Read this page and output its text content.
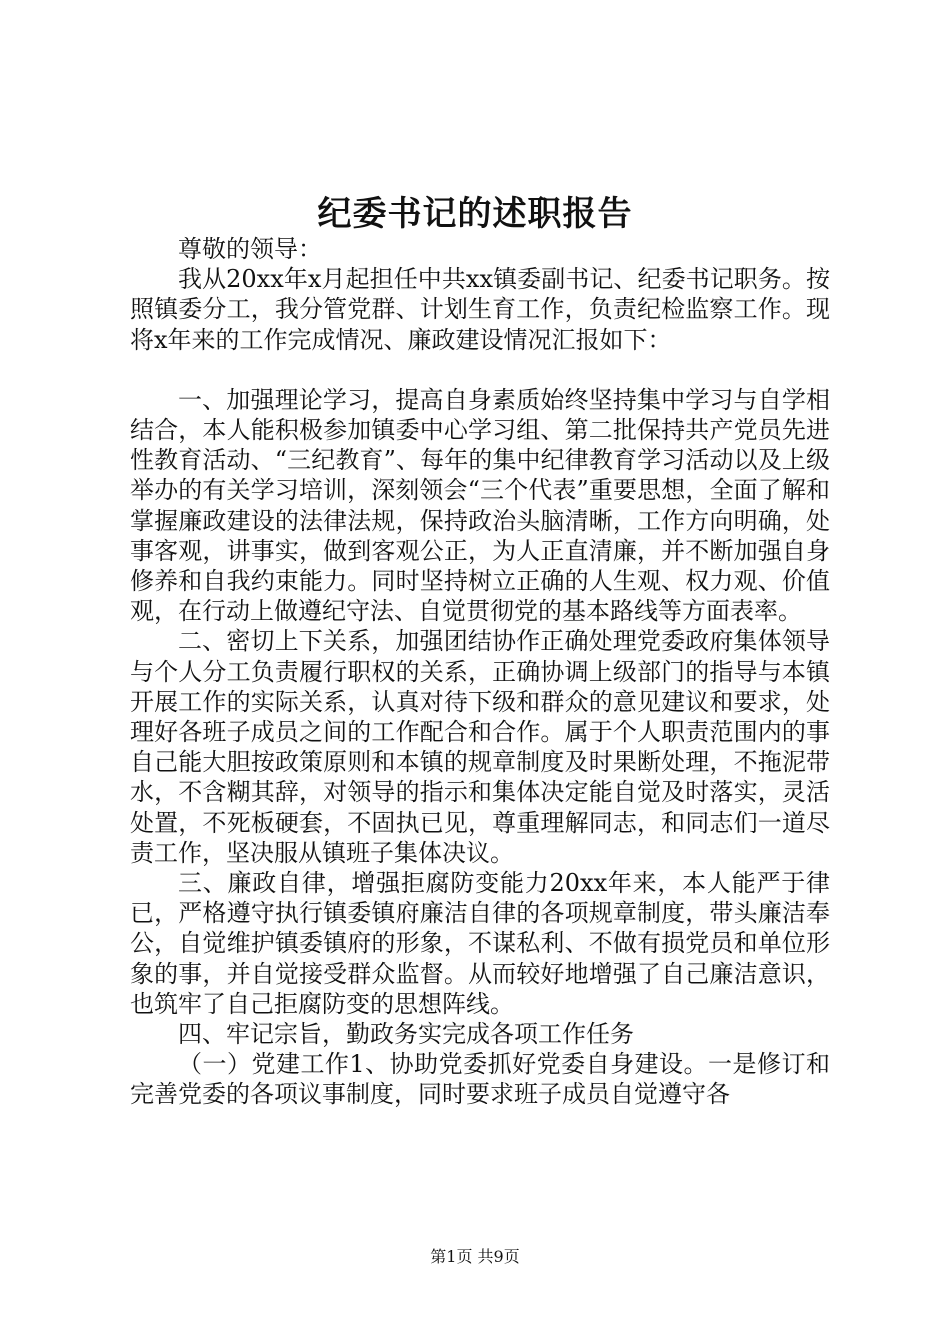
纪委书记的述职报告

尊敬的领导：

我从20xx年x月起担任中共xx镇委副书记、纪委书记职务。按照镇委分工，我分管党群、计划生育工作，负责纪检监察工作。现将x年来的工作完成情况、廉政建设情况汇报如下：

一、加强理论学习，提高自身素质始终坚持集中学习与自学相结合，本人能积极参加镇委中心学习组、第二批保持共产党员先进性教育活动、“三纪教育”、每年的集中纪律教育学习活动以及上级举办的有关学习培训，深刻领会“三个代表”重要思想，全面了解和掌握廉政建设的法律法规，保持政治头脑清晰，工作方向明确，处事客观，讲事实，做到客观公正，为人正直清廉，并不断加强自身修养和自我约束能力。同时坚持树立正确的人生观、权力观、价值观，在行动上做遵纪守法、自觉贯彻党的基本路线等方面表率。

二、密切上下关系，加强团结协作正确处理党委政府集体领导与个人分工负责履行职权的关系，正确协调上级部门的指导与本镇开展工作的实际关系，认真对待下级和群众的意见建议和要求，处理好各班子成员之间的工作配合和合作。属于个人职责范围内的事自己能大胆按政策原则和本镇的规章制度及时果断处理，不拖泥带水，不含糊其辞，对领导的指示和集体决定能自觉及时落实，灵活处置，不死板硬套，不固执已见，尊重理解同志，和同志们一道尽责工作，坚决服从镇班子集体决议。

三、廉政自律，增强拒腐防变能力20xx年来，本人能严于律已，严格遵守执行镇委镇府廉洁自律的各项规章制度，带头廉洁奉公，自觉维护镇委镇府的形象，不谋私利、不做有损党员和单位形象的事，并自觉接受群众监督。从而较好地增强了自己廉洁意识，也筑牢了自己拒腐防变的思想阵线。

四、牢记宗旨，勤政务实完成各项工作任务

（一）党建工作1、协助党委抓好党委自身建设。一是修订和完善党委的各项议事制度，同时要求班子成员自觉遵守各

第1页 共9页
